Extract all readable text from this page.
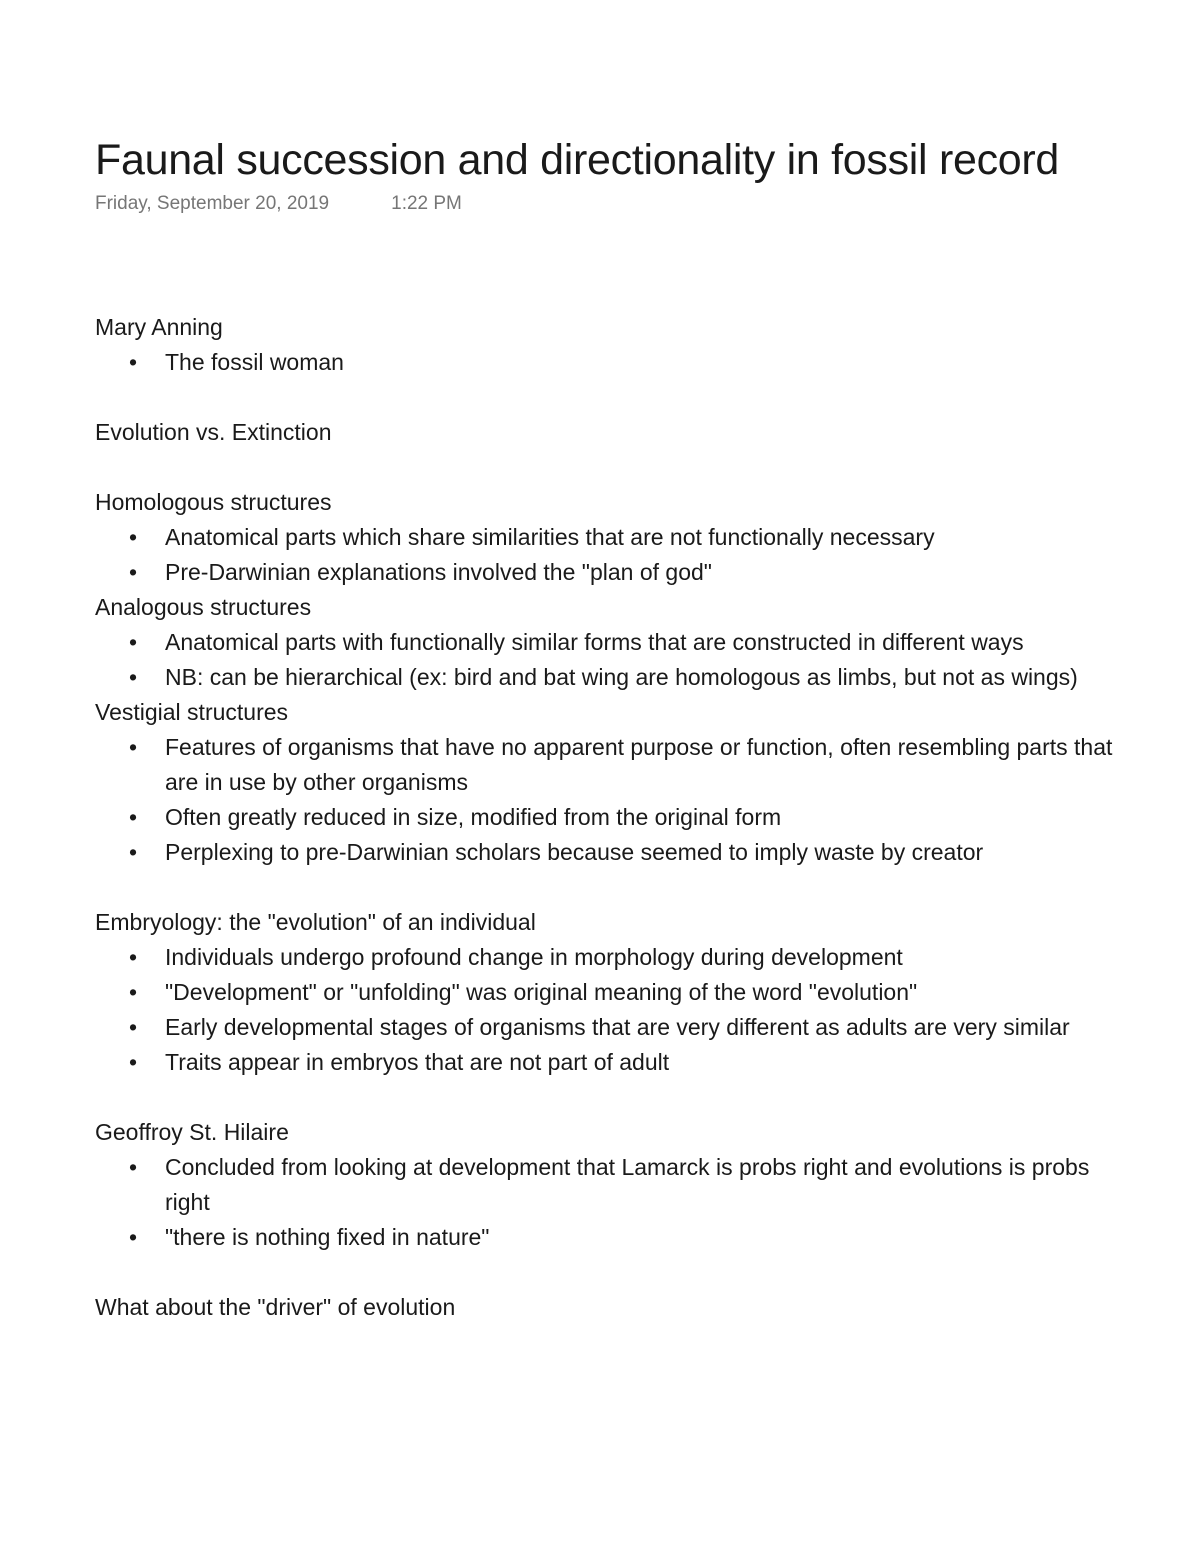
Faunal succession and directionality in fossil record
Friday, September 20, 2019	1:22 PM

Mary Anning

• The fossil woman

Evolution vs. Extinction

Homologous structures

• Anatomical parts which share similarities that are not functionally necessary
• Pre-Darwinian explanations involved the "plan of god"

Analogous structures

• Anatomical parts with functionally similar forms that are constructed in different ways
• NB: can be hierarchical (ex: bird and bat wing are homologous as limbs, but not as wings)

Vestigial structures

• Features of organisms that have no apparent purpose or function, often resembling parts that are in use by other organisms
• Often greatly reduced in size, modified from the original form
• Perplexing to pre-Darwinian scholars because seemed to imply waste by creator

Embryology: the "evolution" of an individual

• Individuals undergo profound change in morphology during development
• "Development" or "unfolding" was original meaning of the word "evolution"
• Early developmental stages of organisms that are very different as adults are very similar
• Traits appear in embryos that are not part of adult

Geoffroy St. Hilaire

• Concluded from looking at development that Lamarck is probs right and evolutions is probs right
• "there is nothing fixed in nature"

What about the "driver" of evolution
